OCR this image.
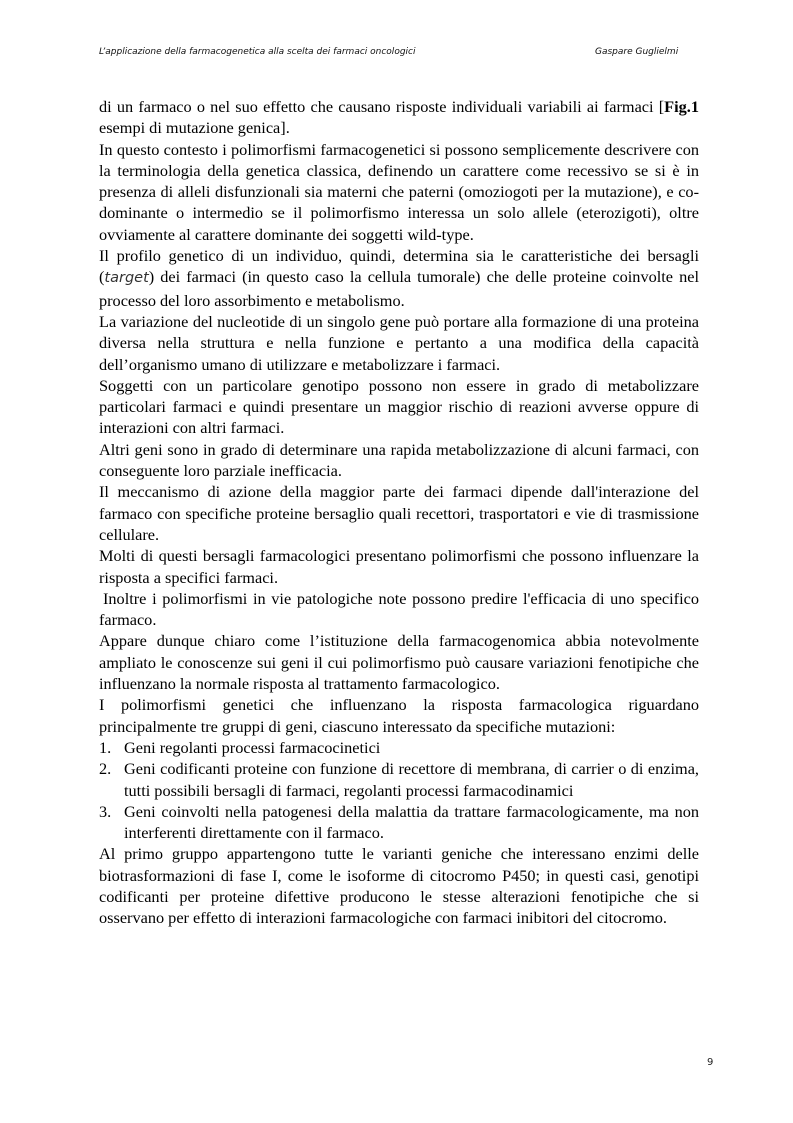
L’applicazione della farmacogenetica alla scelta dei farmaci oncologici	Gaspare Guglielmi

di un farmaco o nel suo effetto che causano risposte individuali variabili ai farmaci [Fig.1 esempi di mutazione genica].

In questo contesto i polimorfismi farmacogenetici si possono semplicemente descrivere con la terminologia della genetica classica, definendo un carattere come recessivo se si è in presenza di alleli disfunzionali sia materni che paterni (omoziogoti per la mutazione), e co-dominante o intermedio se il polimorfismo interessa un solo allele (eterozigoti), oltre ovviamente al carattere dominante dei soggetti wild-type.

Il profilo genetico di un individuo, quindi, determina sia le caratteristiche dei bersagli (target) dei farmaci (in questo caso la cellula tumorale) che delle proteine coinvolte nel processo del loro assorbimento e metabolismo.

La variazione del nucleotide di un singolo gene può portare alla formazione di una proteina diversa nella struttura e nella funzione e pertanto a una modifica della capacità dell’organismo umano di utilizzare e metabolizzare i farmaci.

Soggetti con un particolare genotipo possono non essere in grado di metabolizzare particolari farmaci e quindi presentare un maggior rischio di reazioni avverse oppure di interazioni con altri farmaci.

Altri geni sono in grado di determinare una rapida metabolizzazione di alcuni farmaci, con conseguente loro parziale inefficacia.

Il meccanismo di azione della maggior parte dei farmaci dipende dall'interazione del farmaco con specifiche proteine bersaglio quali recettori, trasportatori e vie di trasmissione cellulare.

Molti di questi bersagli farmacologici presentano polimorfismi che possono influenzare la risposta a specifici farmaci.

Inoltre i polimorfismi in vie patologiche note possono predire l'efficacia di uno specifico farmaco.

Appare dunque chiaro come l’istituzione della farmacogenomica abbia notevolmente ampliato le conoscenze sui geni il cui polimorfismo può causare variazioni fenotipiche che influenzano la normale risposta al trattamento farmacologico.

I polimorfismi genetici che influenzano la risposta farmacologica riguardano principalmente tre gruppi di geni, ciascuno interessato da specifiche mutazioni:

1. Geni regolanti processi farmacocinetici
2. Geni codificanti proteine con funzione di recettore di membrana, di carrier o di enzima, tutti possibili bersagli di farmaci, regolanti processi farmacodinamici
3. Geni coinvolti nella patogenesi della malattia da trattare farmacologicamente, ma non interferenti direttamente con il farmaco.

Al primo gruppo appartengono tutte le varianti geniche che interessano enzimi delle biotrasformazioni di fase I, come le isoforme di citocromo P450; in questi casi, genotipi codificanti per proteine difettive producono le stesse alterazioni fenotipiche che si osservano per effetto di interazioni farmacologiche con farmaci inibitori del citocromo.

9
